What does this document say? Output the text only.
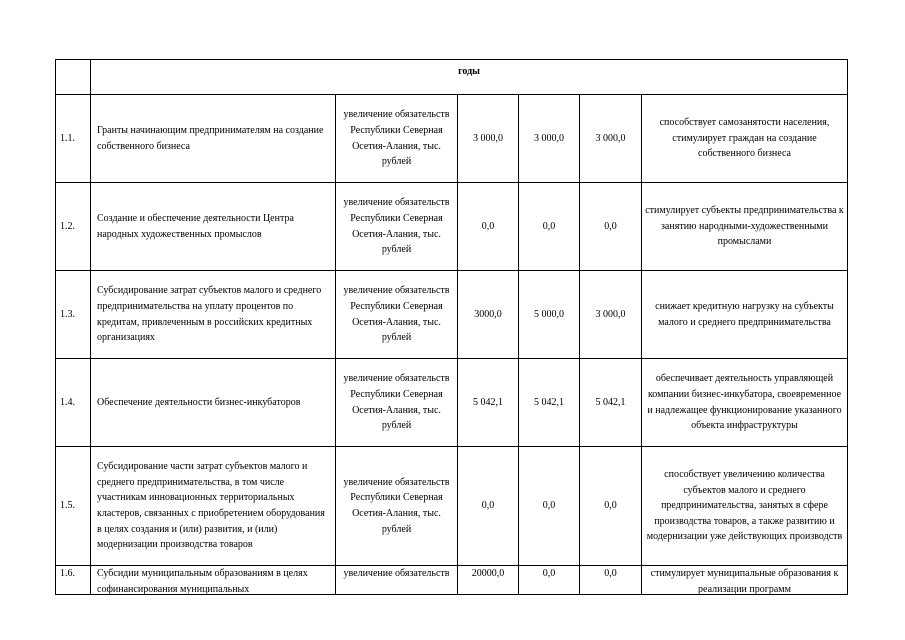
	годы					
1.1.	Гранты начинающим предпринимателям на создание собственного бизнеса	увеличение обязательств Республики Северная Осетия-Алания, тыс. рублей	3 000,0	3 000,0	3 000,0	способствует самозанятости населения, стимулирует граждан на создание собственного бизнеса
1.2.	Создание и обеспечение деятельности Центра народных художественных промыслов	увеличение обязательств Республики Северная Осетия-Алания, тыс. рублей	0,0	0,0	0,0	стимулирует субъекты предпринимательства к занятию народными-художественными промыслами
1.3.	Субсидирование затрат субъектов малого и среднего предпринимательства на уплату процентов по кредитам, привлеченным в российских кредитных организациях	увеличение обязательств Республики Северная Осетия-Алания, тыс. рублей	3000,0	5 000,0	3 000,0	снижает кредитную нагрузку на субъекты малого и среднего предпринимательства
1.4.	Обеспечение деятельности бизнес-инкубаторов	увеличение обязательств Республики Северная Осетия-Алания, тыс. рублей	5 042,1	5 042,1	5 042,1	обеспечивает деятельность управляющей компании бизнес-инкубатора, своевременное и надлежащее функционирование указанного объекта инфраструктуры
1.5.	Субсидирование части затрат субъектов малого и среднего предпринимательства, в том числе участникам инновационных территориальных кластеров, связанных с приобретением оборудования в целях создания и (или) развития, и (или) модернизации производства товаров	увеличение обязательств Республики Северная Осетия-Алания, тыс. рублей	0,0	0,0	0,0	способствует увеличению количества субъектов малого и среднего предпринимательства, занятых в сфере производства товаров, а также развитию и модернизации уже действующих производств

1.6.	Субсидии муниципальным образованиям в целях софинансирования муниципальных	увеличение обязательств	20000,0	0,0	0,0	стимулирует муниципальные образования к реализации программ
